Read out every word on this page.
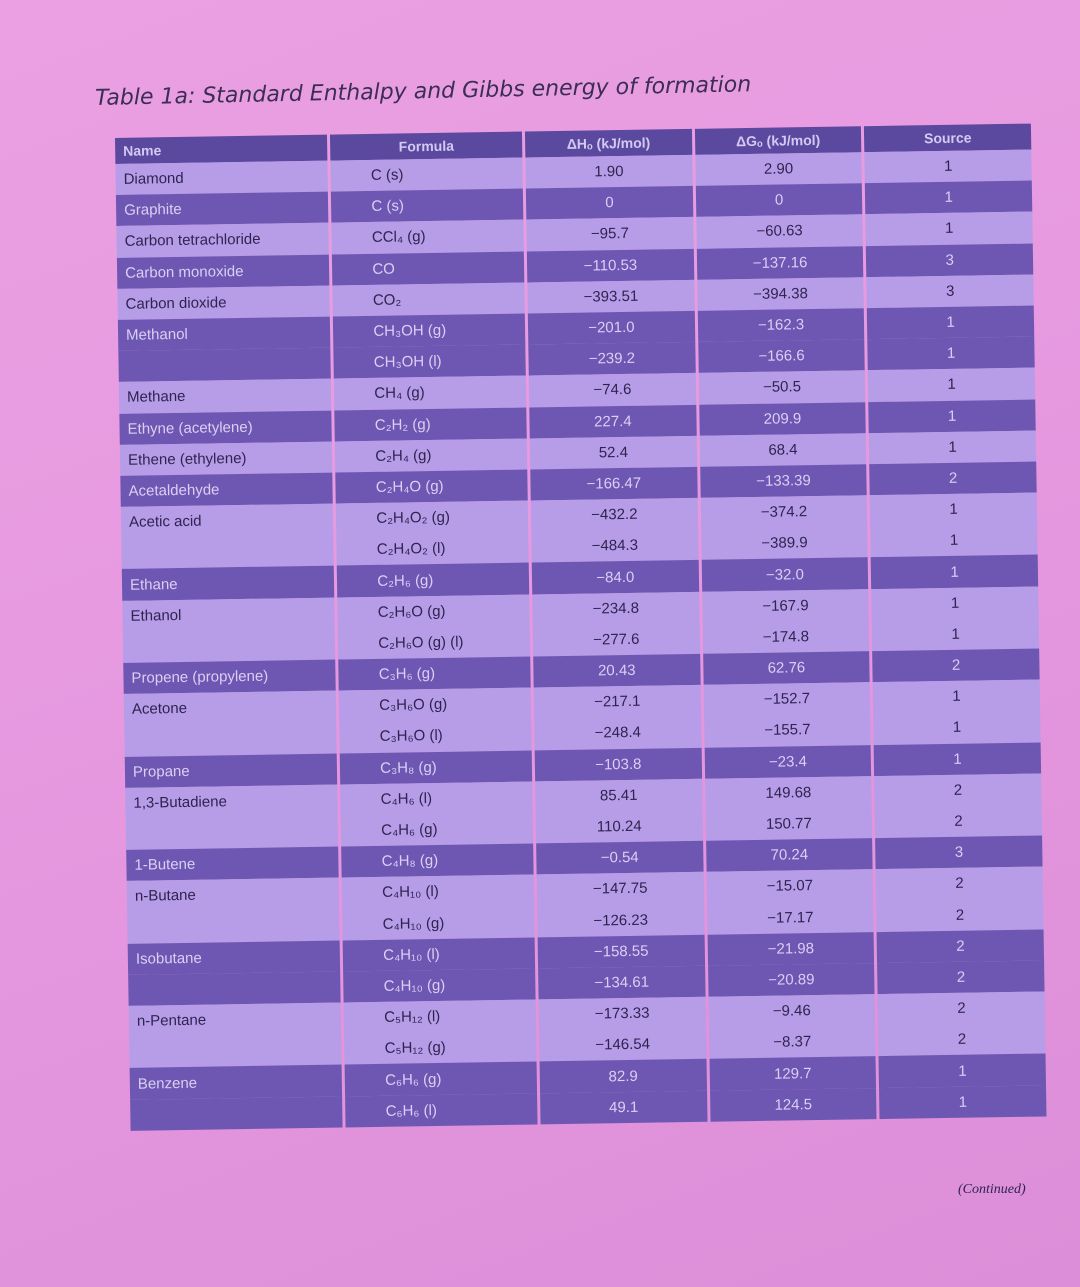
Table 1a: Standard Enthalpy and Gibbs energy of formation
Name	Formula	ΔHₒ (kJ/mol)	ΔGₒ (kJ/mol)	Source
Diamond	C (s)	1.90	2.90	1
Graphite	C (s)	0	0	1
Carbon tetrachloride	CCl₄ (g)	−95.7	−60.63	1
Carbon monoxide	CO	−110.53	−137.16	3
Carbon dioxide	CO₂	−393.51	−394.38	3
Methanol	CH₃OH (g)	−201.0	−162.3	1
	CH₃OH (l)	−239.2	−166.6	1
Methane	CH₄ (g)	−74.6	−50.5	1
Ethyne (acetylene)	C₂H₂ (g)	227.4	209.9	1
Ethene (ethylene)	C₂H₄ (g)	52.4	68.4	1
Acetaldehyde	C₂H₄O (g)	−166.47	−133.39	2
Acetic acid	C₂H₄O₂ (g)	−432.2	−374.2	1
	C₂H₄O₂ (l)	−484.3	−389.9	1
Ethane	C₂H₆ (g)	−84.0	−32.0	1
Ethanol	C₂H₆O (g)	−234.8	−167.9	1
	C₂H₆O (g) (l)	−277.6	−174.8	1
Propene (propylene)	C₃H₆ (g)	20.43	62.76	2
Acetone	C₃H₆O (g)	−217.1	−152.7	1
	C₃H₆O (l)	−248.4	−155.7	1
Propane	C₃H₈ (g)	−103.8	−23.4	1
1,3-Butadiene	C₄H₆ (l)	85.41	149.68	2
	C₄H₆ (g)	110.24	150.77	2
1-Butene	C₄H₈ (g)	−0.54	70.24	3
n-Butane	C₄H₁₀ (l)	−147.75	−15.07	2
	C₄H₁₀ (g)	−126.23	−17.17	2
Isobutane	C₄H₁₀ (l)	−158.55	−21.98	2
	C₄H₁₀ (g)	−134.61	−20.89	2
n-Pentane	C₅H₁₂ (l)	−173.33	−9.46	2
	C₅H₁₂ (g)	−146.54	−8.37	2
Benzene	C₆H₆ (g)	82.9	129.7	1
	C₆H₆ (l)	49.1	124.5	1
(Continued)
